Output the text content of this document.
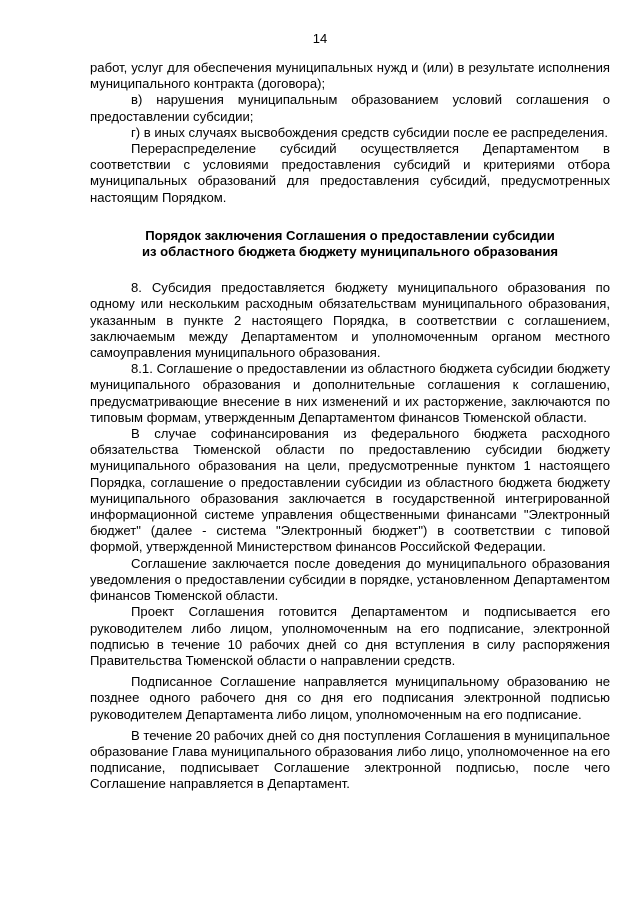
14

работ, услуг для обеспечения муниципальных нужд и (или) в результате исполнения муниципального контракта (договора);

в) нарушения муниципальным образованием условий соглашения о предоставлении субсидии;

г) в иных случаях высвобождения средств субсидии после ее распределения.

Перераспределение субсидий осуществляется Департаментом в соответствии с условиями предоставления субсидий и критериями отбора муниципальных образований для предоставления субсидий, предусмотренных настоящим Порядком.

Порядок заключения Соглашения о предоставлении субсидии
из областного бюджета бюджету муниципального образования

8. Субсидия предоставляется бюджету муниципального образования по одному или нескольким расходным обязательствам муниципального образования, указанным в пункте 2 настоящего Порядка, в соответствии с соглашением, заключаемым между Департаментом и уполномоченным органом местного самоуправления муниципального образования.

8.1. Соглашение о предоставлении из областного бюджета субсидии бюджету муниципального образования и дополнительные соглашения к соглашению, предусматривающие внесение в них изменений и их расторжение, заключаются по типовым формам, утвержденным Департаментом финансов Тюменской области.

В случае софинансирования из федерального бюджета расходного обязательства Тюменской области по предоставлению субсидии бюджету муниципального образования на цели, предусмотренные пунктом 1 настоящего Порядка, соглашение о предоставлении субсидии из областного бюджета бюджету муниципального образования заключается в государственной интегрированной информационной системе управления общественными финансами "Электронный бюджет" (далее - система "Электронный бюджет") в соответствии с типовой формой, утвержденной Министерством финансов Российской Федерации.

Соглашение заключается после доведения до муниципального образования уведомления о предоставлении субсидии в порядке, установленном Департаментом финансов Тюменской области.

Проект Соглашения готовится Департаментом и подписывается его руководителем либо лицом, уполномоченным на его подписание, электронной подписью в течение 10 рабочих дней со дня вступления в силу распоряжения Правительства Тюменской области о направлении средств.

Подписанное Соглашение направляется муниципальному образованию не позднее одного рабочего дня со дня его подписания электронной подписью руководителем Департамента либо лицом, уполномоченным на его подписание.

В течение 20 рабочих дней со дня поступления Соглашения в муниципальное образование Глава муниципального образования либо лицо, уполномоченное на его подписание, подписывает Соглашение электронной подписью, после чего Соглашение направляется в Департамент.
